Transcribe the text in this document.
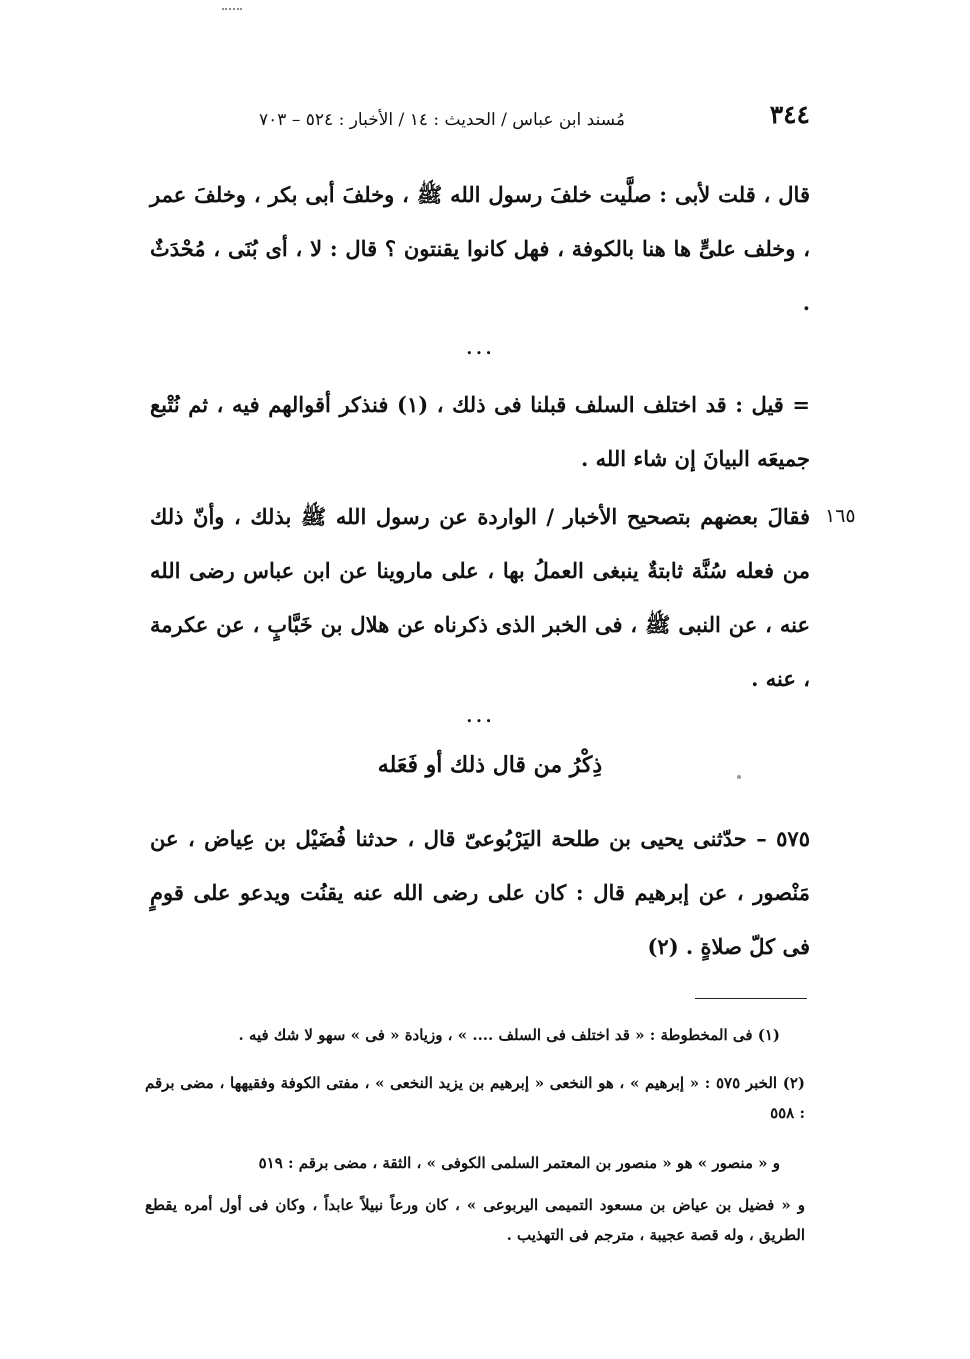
٣٤٤
مُسند ابن عباس / الحديث : ١٤ / الأخبار : ٥٢٤ – ٧٠٣
قال ، قلت لأبى : صلَّيت خلفَ رسول الله ﷺ ، وخلفَ أبى بكر ، وخلفَ عمر ، وخلف علىٍّ ها هنا بالكوفة ، فهل كانوا يقنتون ؟ قال : لا ، أى بُنَى ، مُحْدَثٌ .
...
= قيل : قد اختلف السلف قبلنا فى ذلك ، (١) فنذكر أقوالهم فيه ، ثم نُتْبع جميعَه البيانَ إن شاء الله .
١٦٥
فقالَ بعضهم بتصحيح الأخبار / الواردة عن رسول الله ﷺ بذلك ، وأنّ ذلك من فعله سُنَّة ثابتةٌ ينبغى العملُ بها ، على ماروينا عن ابن عباس رضى الله عنه ، عن النبى ﷺ ، فى الخبر الذى ذكرناه عن هلال بن خَبَّابٍ ، عن عكرمة ، عنه .
...
ذِكْرُ من قال ذلك أو فَعَله
٥٧٥ – حدّثنى يحيى بن طلحة اليَرْبُوعىّ قال ، حدثنا فُضَيْل بن عِياض ، عن مَنْصور ، عن إبرهيم قال : كان على رضى الله عنه يقنُت ويدعو على قومٍ فى كلّ صلاةٍ . (٢)
(١) فى المخطوطة : « قد اختلف فى السلف .... » ، وزيادة « فى » سهو لا شك فيه .
(٢) الخبر ٥٧٥ : « إبرهيم » ، هو النخعى « إبرهيم بن يزيد النخعى » ، مفتى الكوفة وفقيهها ، مضى برقم : ٥٥٨
و « منصور » هو « منصور بن المعتمر السلمى الكوفى » ، الثقة ، مضى برقم : ٥١٩
و « فضيل بن عياض بن مسعود التميمى اليربوعى » ، كان ورعاً نبيلاً عابداً ، وكان فى أول أمره يقطع الطريق ، وله قصة عجيبة ، مترجم فى التهذيب .
